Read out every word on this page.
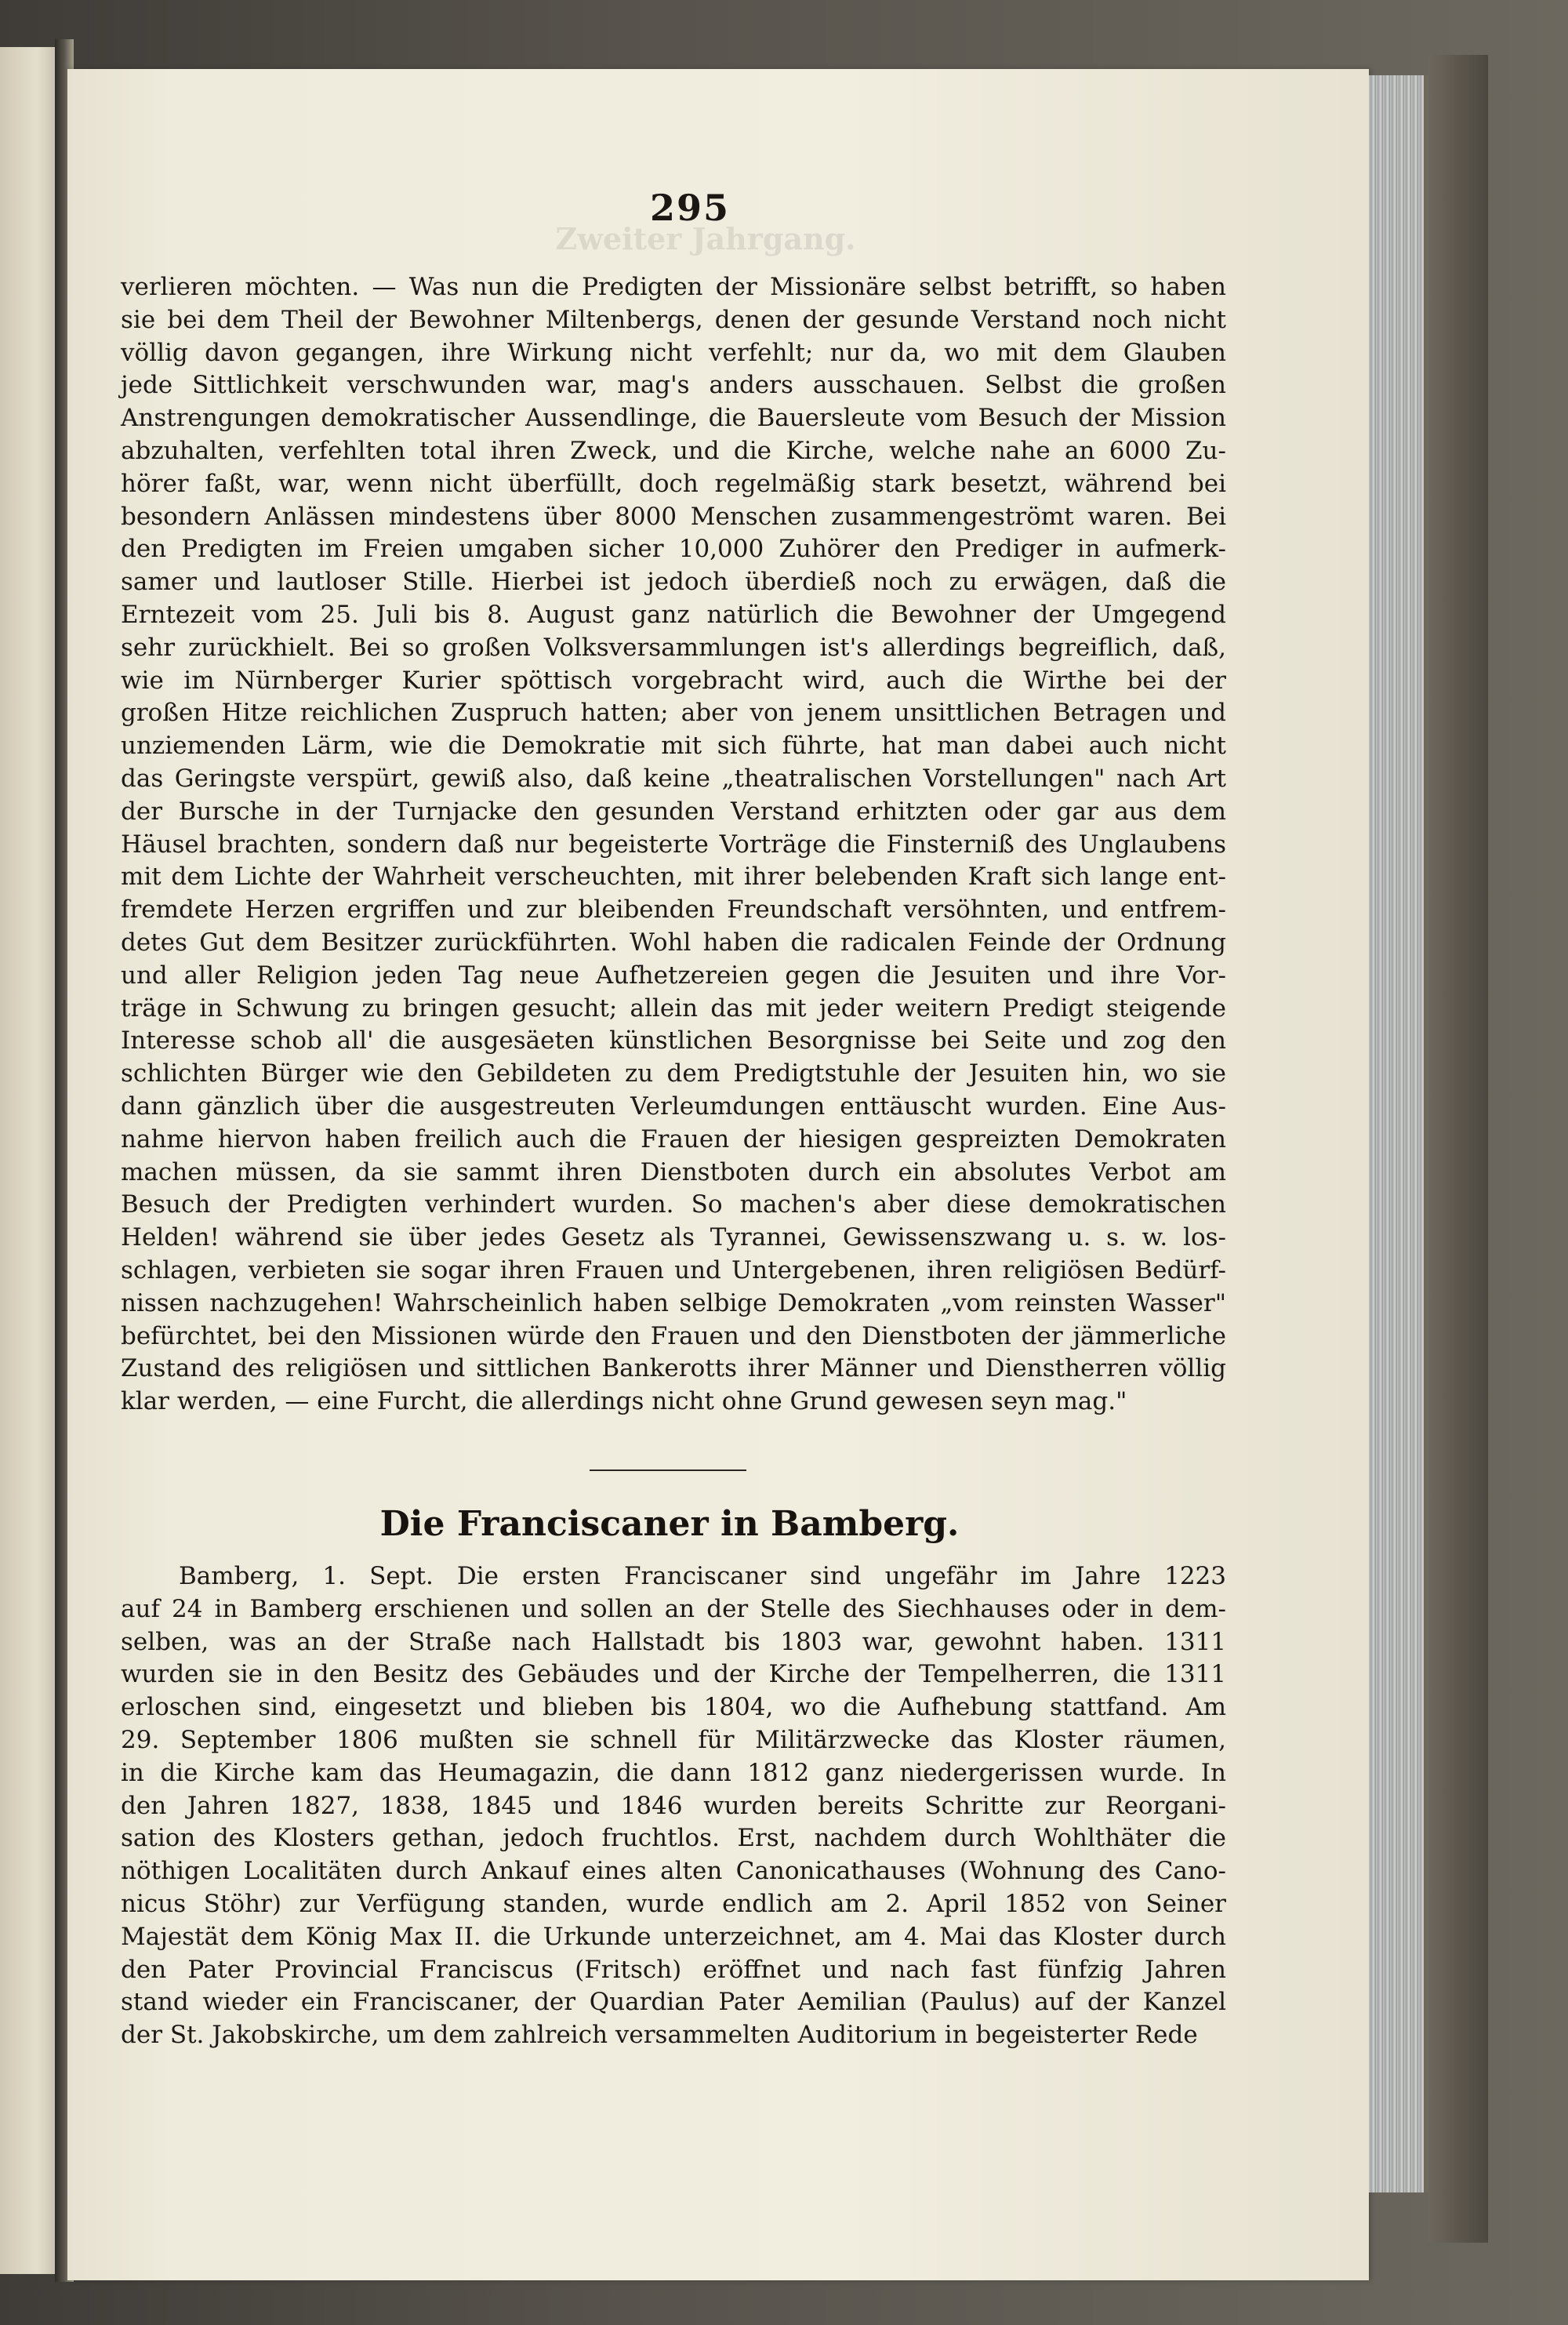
Zweiter Jahrgang.
295
verlieren möchten. — Was nun die Predigten der Missionäre selbst betrifft, so haben
sie bei dem Theil der Bewohner Miltenbergs, denen der gesunde Verstand noch nicht
völlig davon gegangen, ihre Wirkung nicht verfehlt; nur da, wo mit dem Glauben
jede Sittlichkeit verschwunden war, mag's anders ausschauen. Selbst die großen
Anstrengungen demokratischer Aussendlinge, die Bauersleute vom Besuch der Mission
abzuhalten, verfehlten total ihren Zweck, und die Kirche, welche nahe an 6000 Zu-
hörer faßt, war, wenn nicht überfüllt, doch regelmäßig stark besetzt, während bei
besondern Anlässen mindestens über 8000 Menschen zusammengeströmt waren. Bei
den Predigten im Freien umgaben sicher 10,000 Zuhörer den Prediger in aufmerk-
samer und lautloser Stille. Hierbei ist jedoch überdieß noch zu erwägen, daß die
Erntezeit vom 25. Juli bis 8. August ganz natürlich die Bewohner der Umgegend
sehr zurückhielt. Bei so großen Volksversammlungen ist's allerdings begreiflich, daß,
wie im Nürnberger Kurier spöttisch vorgebracht wird, auch die Wirthe bei der
großen Hitze reichlichen Zuspruch hatten; aber von jenem unsittlichen Betragen und
unziemenden Lärm, wie die Demokratie mit sich führte, hat man dabei auch nicht
das Geringste verspürt, gewiß also, daß keine „theatralischen Vorstellungen" nach Art
der Bursche in der Turnjacke den gesunden Verstand erhitzten oder gar aus dem
Häusel brachten, sondern daß nur begeisterte Vorträge die Finsterniß des Unglaubens
mit dem Lichte der Wahrheit verscheuchten, mit ihrer belebenden Kraft sich lange ent-
fremdete Herzen ergriffen und zur bleibenden Freundschaft versöhnten, und entfrem-
detes Gut dem Besitzer zurückführten. Wohl haben die radicalen Feinde der Ordnung
und aller Religion jeden Tag neue Aufhetzereien gegen die Jesuiten und ihre Vor-
träge in Schwung zu bringen gesucht; allein das mit jeder weitern Predigt steigende
Interesse schob all' die ausgesäeten künstlichen Besorgnisse bei Seite und zog den
schlichten Bürger wie den Gebildeten zu dem Predigtstuhle der Jesuiten hin, wo sie
dann gänzlich über die ausgestreuten Verleumdungen enttäuscht wurden. Eine Aus-
nahme hiervon haben freilich auch die Frauen der hiesigen gespreizten Demokraten
machen müssen, da sie sammt ihren Dienstboten durch ein absolutes Verbot am
Besuch der Predigten verhindert wurden. So machen's aber diese demokratischen
Helden! während sie über jedes Gesetz als Tyrannei, Gewissenszwang u. s. w. los-
schlagen, verbieten sie sogar ihren Frauen und Untergebenen, ihren religiösen Bedürf-
nissen nachzugehen! Wahrscheinlich haben selbige Demokraten „vom reinsten Wasser"
befürchtet, bei den Missionen würde den Frauen und den Dienstboten der jämmerliche
Zustand des religiösen und sittlichen Bankerotts ihrer Männer und Dienstherren völlig
klar werden, — eine Furcht, die allerdings nicht ohne Grund gewesen seyn mag."
Die Franciscaner in Bamberg.
Bamberg, 1. Sept. Die ersten Franciscaner sind ungefähr im Jahre 1223
auf 24 in Bamberg erschienen und sollen an der Stelle des Siechhauses oder in dem-
selben, was an der Straße nach Hallstadt bis 1803 war, gewohnt haben. 1311
wurden sie in den Besitz des Gebäudes und der Kirche der Tempelherren, die 1311
erloschen sind, eingesetzt und blieben bis 1804, wo die Aufhebung stattfand. Am
29. September 1806 mußten sie schnell für Militärzwecke das Kloster räumen,
in die Kirche kam das Heumagazin, die dann 1812 ganz niedergerissen wurde. In
den Jahren 1827, 1838, 1845 und 1846 wurden bereits Schritte zur Reorgani-
sation des Klosters gethan, jedoch fruchtlos. Erst, nachdem durch Wohlthäter die
nöthigen Localitäten durch Ankauf eines alten Canonicathauses (Wohnung des Cano-
nicus Stöhr) zur Verfügung standen, wurde endlich am 2. April 1852 von Seiner
Majestät dem König Max II. die Urkunde unterzeichnet, am 4. Mai das Kloster durch
den Pater Provincial Franciscus (Fritsch) eröffnet und nach fast fünfzig Jahren
stand wieder ein Franciscaner, der Quardian Pater Aemilian (Paulus) auf der Kanzel
der St. Jakobskirche, um dem zahlreich versammelten Auditorium in begeisterter Rede
